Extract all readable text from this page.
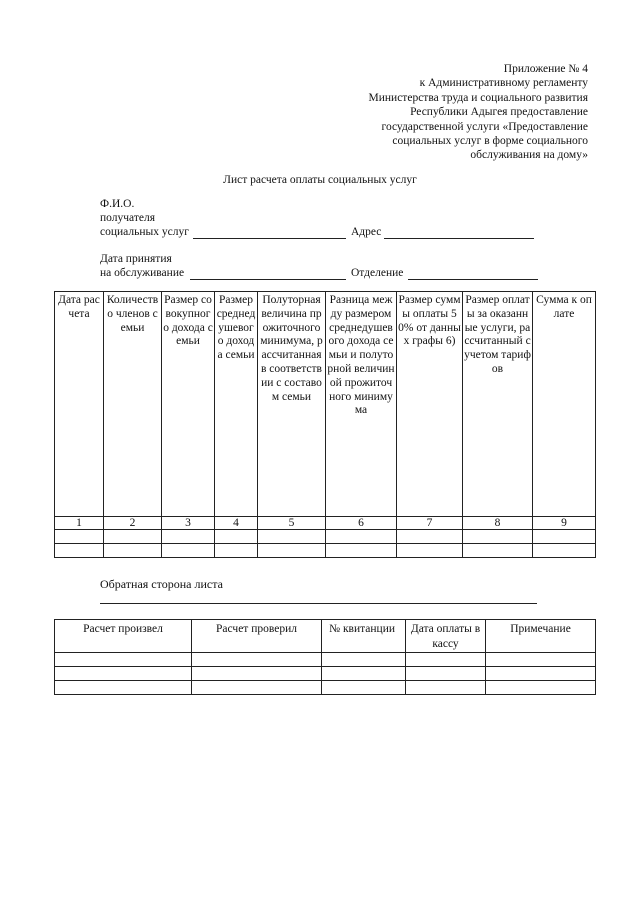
Приложение № 4
к Административному регламенту
Министерства труда и социального развития
Республики Адыгея предоставление
государственной услуги «Предоставление
социальных услуг в форме социального
обслуживания на дому»
Лист расчета оплаты социальных услуг
Ф.И.О.
получателя
социальных услуг	Адрес
Дата принятия
на обслуживание	Отделение
Дата расчета	Количество членов семьи	Размер совокупного дохода семьи	Размер среднедушевого дохода семьи	Полуторная величина прожиточного минимума, рассчитанная в соответствии с составом семьи	Разница между размером среднедушевого дохода семьи и полуторной величиной прожиточного минимума	Размер суммы оплаты 50% от данных графы 6)	Размер оплаты за оказанные услуги, рассчитанный с учетом тарифов	Сумма к оплате
1	2	3	4	5	6	7	8	9

Обратная сторона листа
Расчет произвел	Расчет проверил	№ квитанции	Дата оплаты в кассу	Примечание
